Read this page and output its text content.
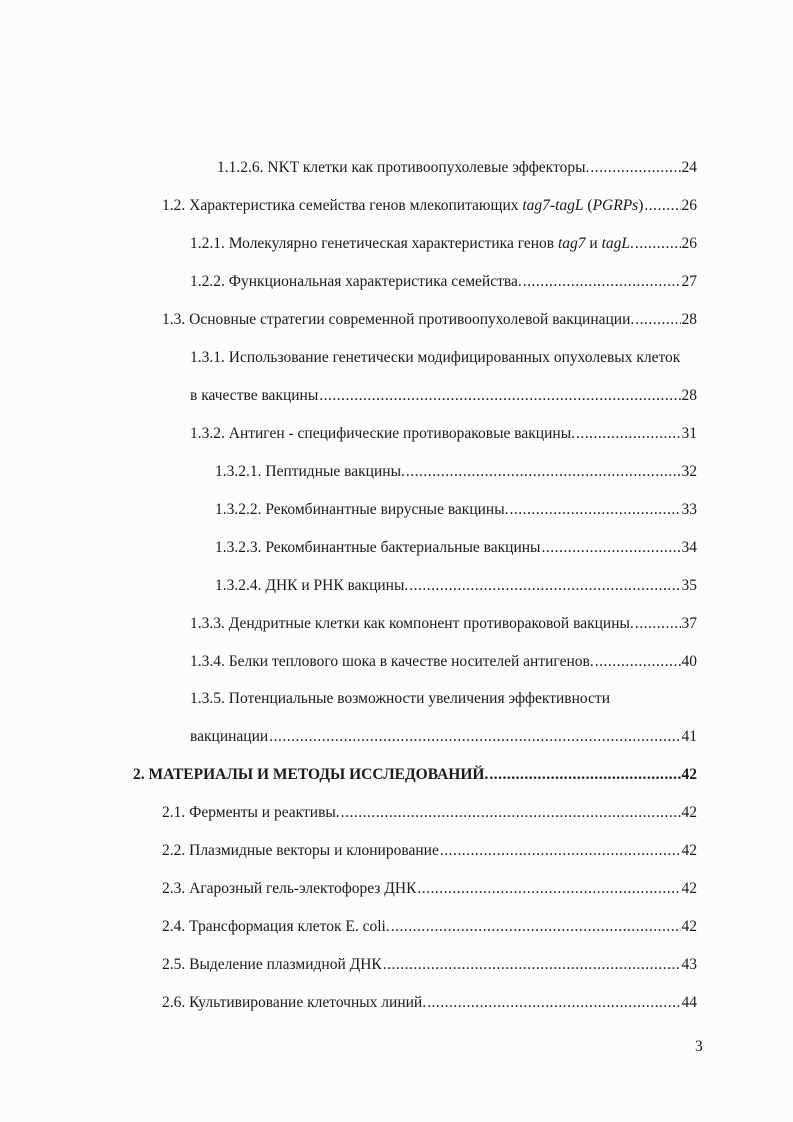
1.1.2.6. NKT клетки как противоопухолевые эффекторы. .....	24
1.2. Характеристика семейства генов млекопитающих tag7-tagL (PGRPs) ..... 26
1.2.1. Молекулярно генетическая характеристика генов tag7 и tagL. .....	26
1.2.2. Функциональная характеристика семейства. .....	27
1.3. Основные стратегии современной противоопухолевой вакцинации. .....	28
1.3.1. Использование генетически модифицированных опухолевых клеток
в качестве вакцины .....	28
1.3.2. Антиген - специфические противораковые вакцины. .....	31
1.3.2.1. Пептидные вакцины. .....	32
1.3.2.2. Рекомбинантные вирусные вакцины. .....	33
1.3.2.3. Рекомбинантные бактериальные вакцины .....	34
1.3.2.4. ДНК и РНК вакцины. .....	35
1.3.3. Дендритные клетки как компонент противораковой вакцины. .....	37
1.3.4. Белки теплового шока в качестве носителей антигенов. .....	40
1.3.5. Потенциальные возможности увеличения эффективности
вакцинации .....	41
2. МАТЕРИАЛЫ И МЕТОДЫ ИССЛЕДОВАНИЙ. .....	42
2.1. Ферменты и реактивы. .....	42
2.2. Плазмидные векторы и клонирование .....	42
2.3. Агарозный гель-электофорез ДНК .....	42
2.4. Трансформация клеток E. coli. .....	42
2.5. Выделение плазмидной ДНК .....	43
2.6. Культивирование клеточных линий. .....	44
3
